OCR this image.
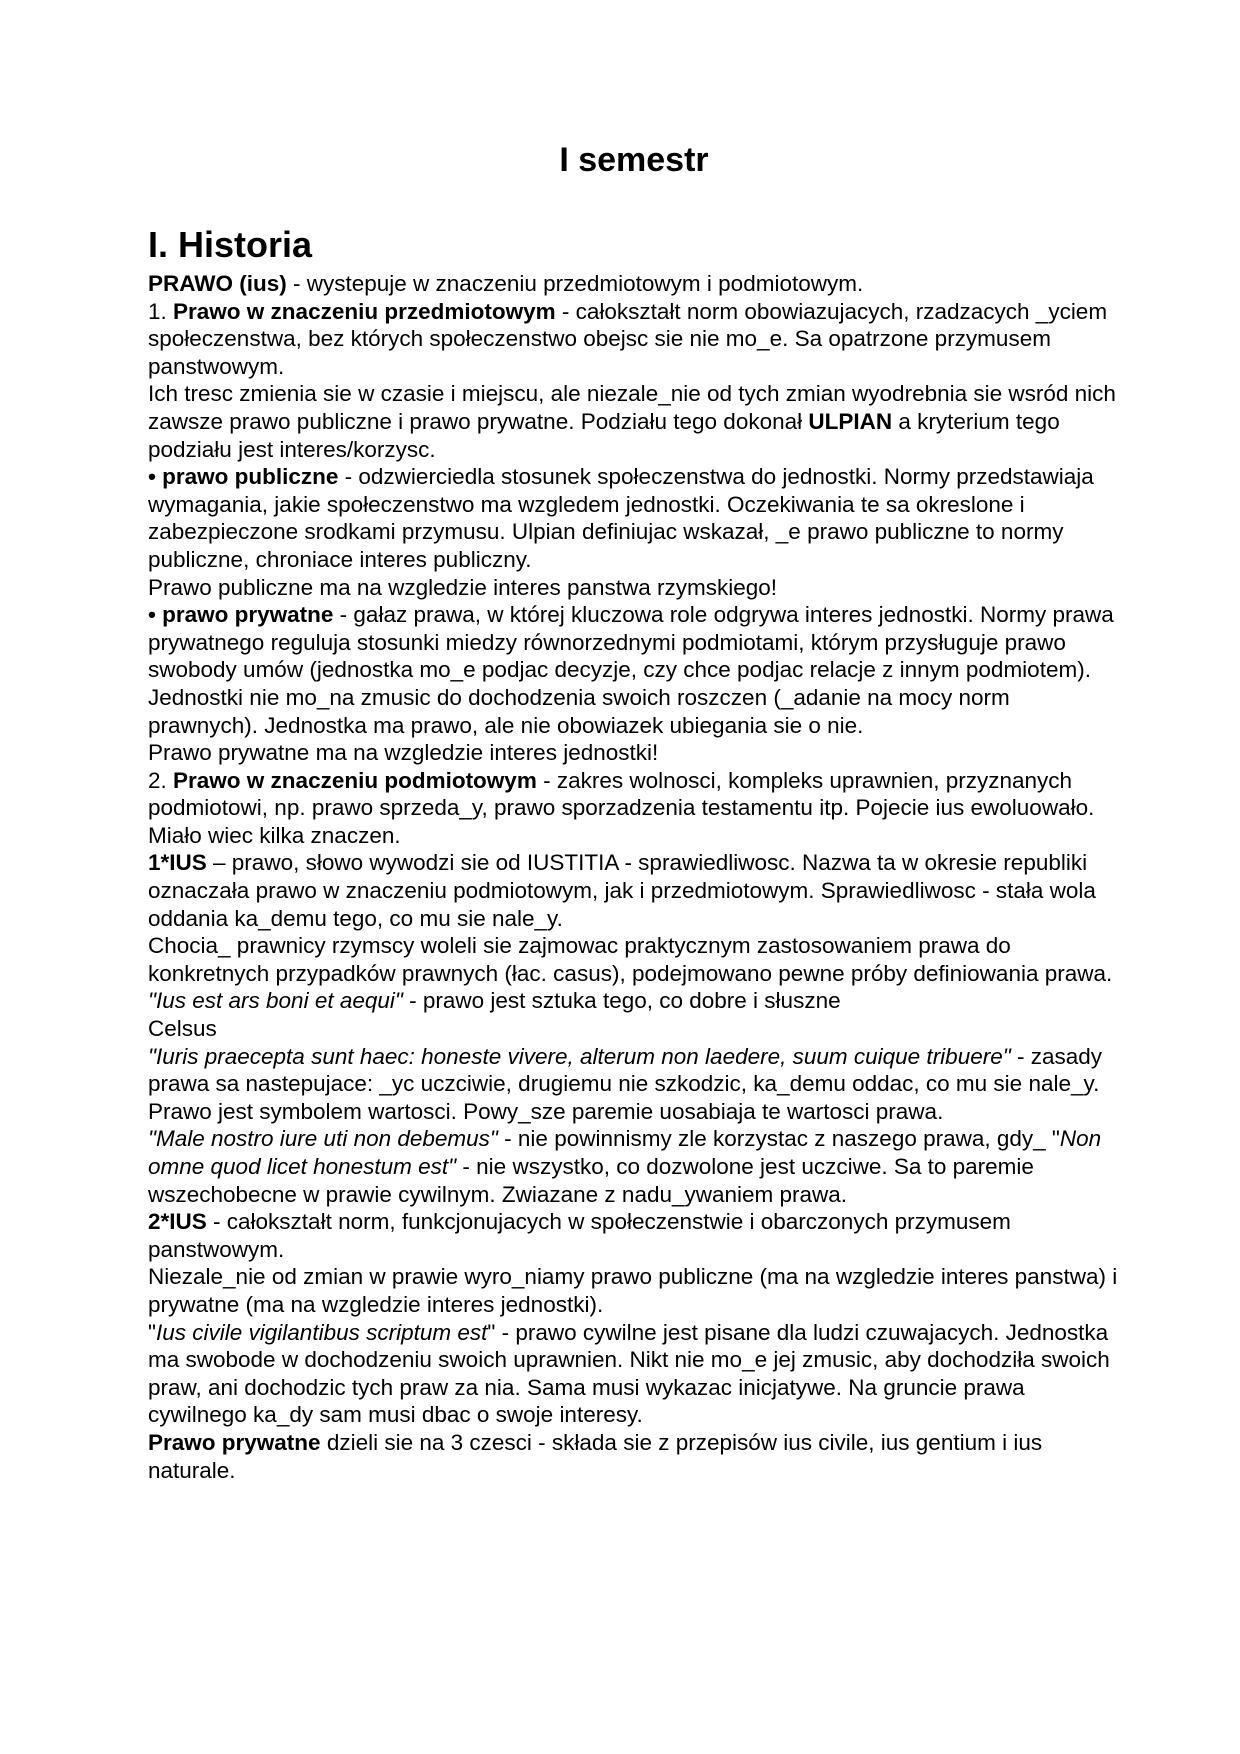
I semestr
I. Historia

PRAWO (ius) - wystepuje w znaczeniu przedmiotowym i podmiotowym.

1. Prawo w znaczeniu przedmiotowym - całokształt norm obowiazujacych, rzadzacych _yciem społeczenstwa, bez których społeczenstwo obejsc sie nie mo_e. Sa opatrzone przymusem panstwowym.

Ich tresc zmienia sie w czasie i miejscu, ale niezale_nie od tych zmian wyodrebnia sie wsród nich zawsze prawo publiczne i prawo prywatne. Podziału tego dokonał ULPIAN a kryterium tego podziału jest interes/korzysc.

• prawo publiczne - odzwierciedla stosunek społeczenstwa do jednostki. Normy przedstawiaja wymagania, jakie społeczenstwo ma wzgledem jednostki. Oczekiwania te sa okreslone i zabezpieczone srodkami przymusu. Ulpian definiujac wskazał, _e prawo publiczne to normy publiczne, chroniace interes publiczny.

Prawo publiczne ma na wzgledzie interes panstwa rzymskiego!

• prawo prywatne - gałaz prawa, w której kluczowa role odgrywa interes jednostki. Normy prawa prywatnego reguluja stosunki miedzy równorzednymi podmiotami, którym przysługuje prawo swobody umów (jednostka mo_e podjac decyzje, czy chce podjac relacje z innym podmiotem). Jednostki nie mo_na zmusic do dochodzenia swoich roszczen (_adanie na mocy norm prawnych). Jednostka ma prawo, ale nie obowiazek ubiegania sie o nie.

Prawo prywatne ma na wzgledzie interes jednostki!

2. Prawo w znaczeniu podmiotowym - zakres wolnosci, kompleks uprawnien, przyznanych podmiotowi, np. prawo sprzeda_y, prawo sporzadzenia testamentu itp. Pojecie ius ewoluowało. Miało wiec kilka znaczen.

1*IUS – prawo, słowo wywodzi sie od IUSTITIA - sprawiedliwosc. Nazwa ta w okresie republiki oznaczała prawo w znaczeniu podmiotowym, jak i przedmiotowym. Sprawiedliwosc - stała wola oddania ka_demu tego, co mu sie nale_y.

Chocia_ prawnicy rzymscy woleli sie zajmowac praktycznym zastosowaniem prawa do konkretnych przypadków prawnych (łac. casus), podejmowano pewne próby definiowania prawa.

"Ius est ars boni et aequi" - prawo jest sztuka tego, co dobre i słuszne

Celsus

"Iuris praecepta sunt haec: honeste vivere, alterum non laedere, suum cuique tribuere" - zasady prawa sa nastepujace: _yc uczciwie, drugiemu nie szkodzic, ka_demu oddac, co mu sie nale_y.

Prawo jest symbolem wartosci. Powy_sze paremie uosabiaja te wartosci prawa.

"Male nostro iure uti non debemus" - nie powinnismy zle korzystac z naszego prawa, gdy_ "Non omne quod licet honestum est" - nie wszystko, co dozwolone jest uczciwe. Sa to paremie wszechobecne w prawie cywilnym. Zwiazane z nadu_ywaniem prawa.

2*IUS - całokształt norm, funkcjonujacych w społeczenstwie i obarczonych przymusem panstwowym.

Niezale_nie od zmian w prawie wyro_niamy prawo publiczne (ma na wzgledzie interes panstwa) i prywatne (ma na wzgledzie interes jednostki).

"Ius civile vigilantibus scriptum est" - prawo cywilne jest pisane dla ludzi czuwajacych. Jednostka ma swobode w dochodzeniu swoich uprawnien. Nikt nie mo_e jej zmusic, aby dochodziła swoich praw, ani dochodzic tych praw za nia. Sama musi wykazac inicjatywe. Na gruncie prawa cywilnego ka_dy sam musi dbac o swoje interesy.

Prawo prywatne dzieli sie na 3 czesci - składa sie z przepisów ius civile, ius gentium i ius naturale.
